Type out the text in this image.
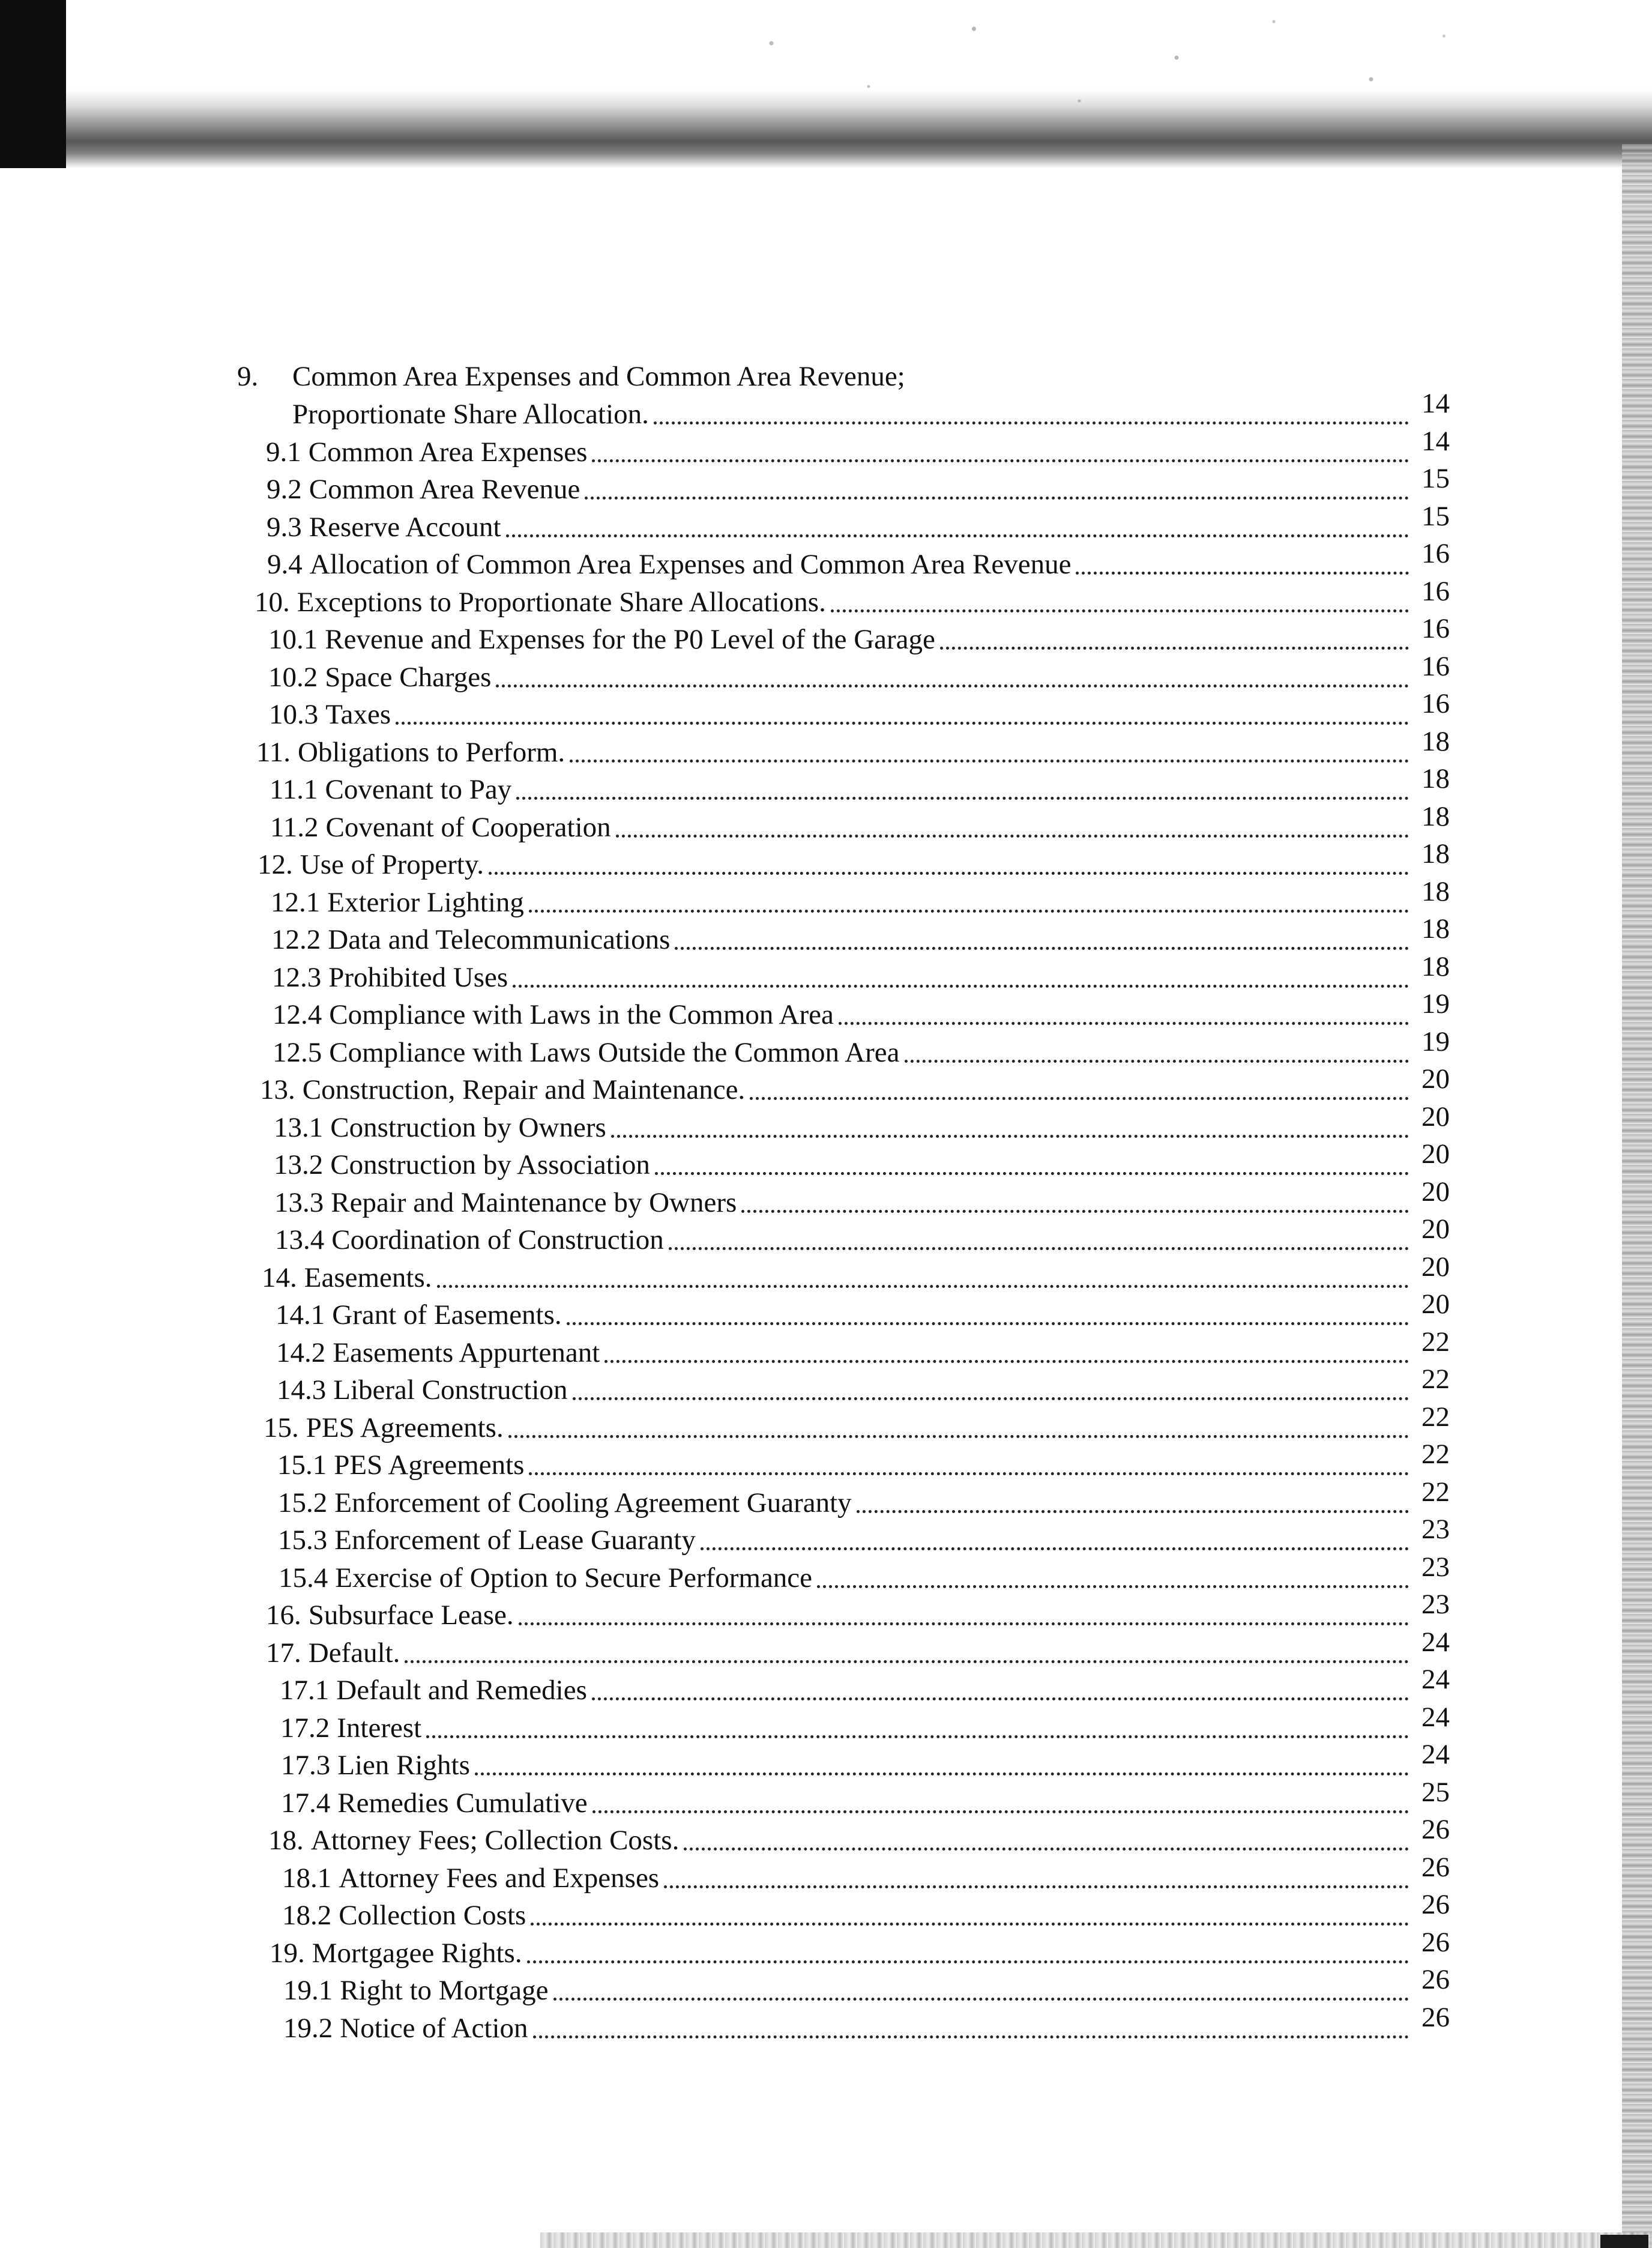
9. Common Area Expenses and Common Area Revenue;
Proportionate Share Allocation.	14
9.1 Common Area Expenses	14
9.2 Common Area Revenue	15
9.3 Reserve Account	15
9.4 Allocation of Common Area Expenses and Common Area Revenue	16
10. Exceptions to Proportionate Share Allocations.	16
10.1 Revenue and Expenses for the P0 Level of the Garage	16
10.2 Space Charges	16
10.3 Taxes	16
11. Obligations to Perform.	18
11.1 Covenant to Pay	18
11.2 Covenant of Cooperation	18
12. Use of Property.	18
12.1 Exterior Lighting	18
12.2 Data and Telecommunications	18
12.3 Prohibited Uses	18
12.4 Compliance with Laws in the Common Area	19
12.5 Compliance with Laws Outside the Common Area	19
13. Construction, Repair and Maintenance.	20
13.1 Construction by Owners	20
13.2 Construction by Association	20
13.3 Repair and Maintenance by Owners	20
13.4 Coordination of Construction	20
14. Easements.	20
14.1 Grant of Easements.	20
14.2 Easements Appurtenant	22
14.3 Liberal Construction	22
15. PES Agreements.	22
15.1 PES Agreements	22
15.2 Enforcement of Cooling Agreement Guaranty	22
15.3 Enforcement of Lease Guaranty	23
15.4 Exercise of Option to Secure Performance	23
16. Subsurface Lease.	23
17. Default.	24
17.1 Default and Remedies	24
17.2 Interest	24
17.3 Lien Rights	24
17.4 Remedies Cumulative	25
18. Attorney Fees; Collection Costs.	26
18.1 Attorney Fees and Expenses	26
18.2 Collection Costs	26
19. Mortgagee Rights.	26
19.1 Right to Mortgage	26
19.2 Notice of Action	26
